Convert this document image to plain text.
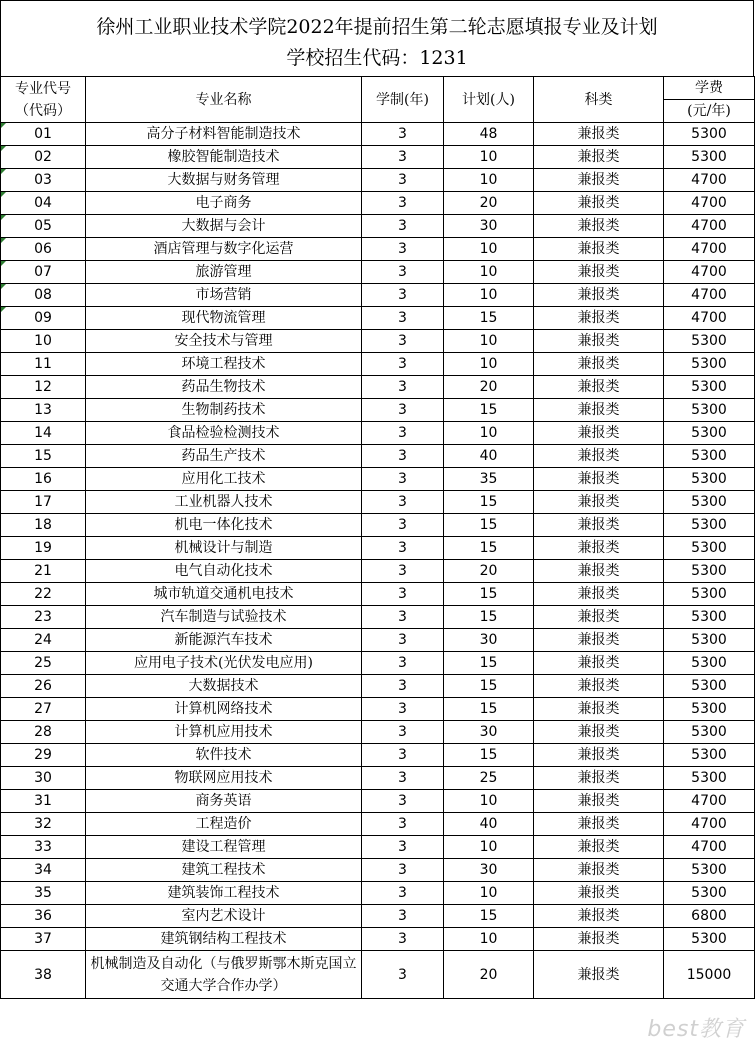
徐州工业职业技术学院2022年提前招生第二轮志愿填报专业及计划
学校招生代码：1231
专业代号
（代码）	专业名称	学制(年)	计划(人)	科类	学费
					(元/年)
01	高分子材料智能制造技术	3	48	兼报类	5300
02	橡胶智能制造技术	3	10	兼报类	5300
03	大数据与财务管理	3	10	兼报类	4700
04	电子商务	3	20	兼报类	4700
05	大数据与会计	3	30	兼报类	4700
06	酒店管理与数字化运营	3	10	兼报类	4700
07	旅游管理	3	10	兼报类	4700
08	市场营销	3	10	兼报类	4700
09	现代物流管理	3	15	兼报类	4700
10	安全技术与管理	3	10	兼报类	5300
11	环境工程技术	3	10	兼报类	5300
12	药品生物技术	3	20	兼报类	5300
13	生物制药技术	3	15	兼报类	5300
14	食品检验检测技术	3	10	兼报类	5300
15	药品生产技术	3	40	兼报类	5300
16	应用化工技术	3	35	兼报类	5300
17	工业机器人技术	3	15	兼报类	5300
18	机电一体化技术	3	15	兼报类	5300
19	机械设计与制造	3	15	兼报类	5300
21	电气自动化技术	3	20	兼报类	5300
22	城市轨道交通机电技术	3	15	兼报类	5300
23	汽车制造与试验技术	3	15	兼报类	5300
24	新能源汽车技术	3	30	兼报类	5300
25	应用电子技术(光伏发电应用)	3	15	兼报类	5300
26	大数据技术	3	15	兼报类	5300
27	计算机网络技术	3	15	兼报类	5300
28	计算机应用技术	3	30	兼报类	5300
29	软件技术	3	15	兼报类	5300
30	物联网应用技术	3	25	兼报类	5300
31	商务英语	3	10	兼报类	4700
32	工程造价	3	40	兼报类	4700
33	建设工程管理	3	10	兼报类	4700
34	建筑工程技术	3	30	兼报类	5300
35	建筑装饰工程技术	3	10	兼报类	5300
36	室内艺术设计	3	15	兼报类	6800
37	建筑钢结构工程技术	3	10	兼报类	5300
38	机械制造及自动化（与俄罗斯鄂木斯克国立交通大学合作办学）	3	20	兼报类	15000
best教育
